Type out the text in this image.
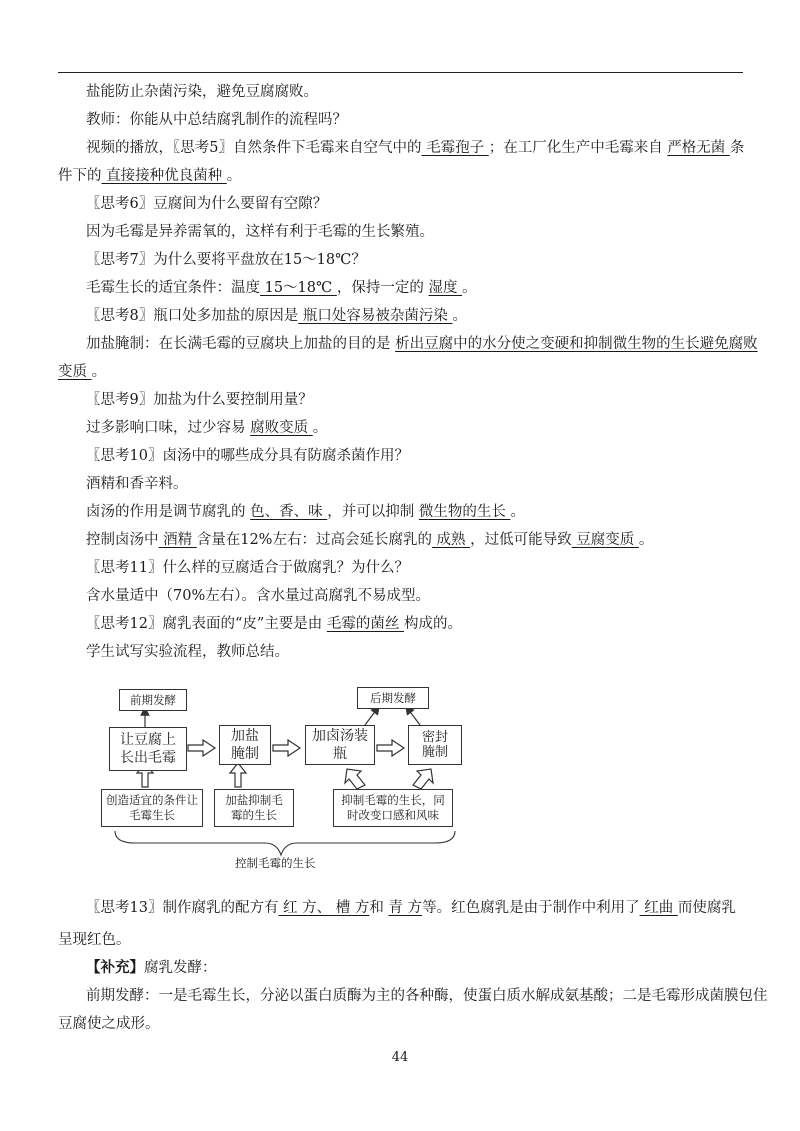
盐能防止杂菌污染，避免豆腐腐败。
教师：你能从中总结腐乳制作的流程吗？
视频的播放，〖思考5〗自然条件下毛霉来自空气中的 毛霉孢子 ；在工厂化生产中毛霉来自 严格无菌 条
件下的 直接接种优良菌种 。
〖思考6〗豆腐间为什么要留有空隙？
因为毛霉是异养需氧的，这样有利于毛霉的生长繁殖。
〖思考7〗为什么要将平盘放在15～18℃？
毛霉生长的适宜条件：温度 15～18℃ ，保持一定的 湿度 。
〖思考8〗瓶口处多加盐的原因是 瓶口处容易被杂菌污染 。
加盐腌制：在长满毛霉的豆腐块上加盐的目的是 析出豆腐中的水分使之变硬和抑制微生物的生长避免腐败
变质 。
〖思考9〗加盐为什么要控制用量？
过多影响口味，过少容易 腐败变质 。
〖思考10〗卤汤中的哪些成分具有防腐杀菌作用？
酒精和香辛料。
卤汤的作用是调节腐乳的 色、香、味 ，并可以抑制 微生物的生长 。
控制卤汤中 酒精 含量在12%左右：过高会延长腐乳的 成熟 ，过低可能导致 豆腐变质 。
〖思考11〗什么样的豆腐适合于做腐乳？为什么？
含水量适中（70%左右）。含水量过高腐乳不易成型。
〖思考12〗腐乳表面的“皮”主要是由 毛霉的菌丝 构成的。
学生试写实验流程，教师总结。
〖思考13〗制作腐乳的配方有 红 方、 槽 方和 青 方等。红色腐乳是由于制作中利用了 红曲 而使腐乳
呈现红色。
【补充】腐乳发酵：
前期发酵：一是毛霉生长，分泌以蛋白质酶为主的各种酶，使蛋白质水解成氨基酸；二是毛霉形成菌膜包住
豆腐使之成形。
前期发酵	后期发酵
让豆腐上长出毛霉
加盐腌制
加卤汤装瓶
密封腌制
创造适宜的条件让毛霉生长
加盐抑制毛霉的生长
抑制毛霉的生长，同时改变口感和风味
控制毛霉的生长
44
